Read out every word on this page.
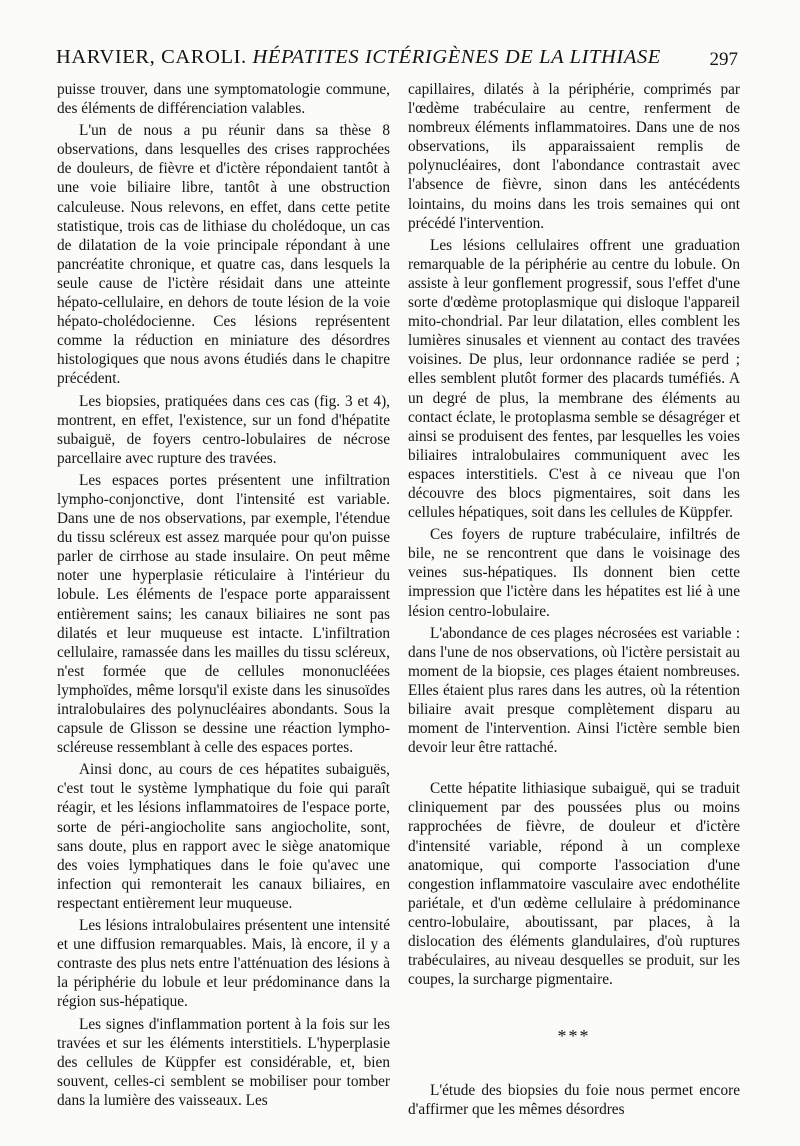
HARVIER, CAROLI. HÉPATITES ICTÉRIGÈNES DE LA LITHIASE	297

puisse trouver, dans une symptomatologie commune, des éléments de différenciation valables.

L'un de nous a pu réunir dans sa thèse 8 observations, dans lesquelles des crises rapprochées de douleurs, de fièvre et d'ictère répondaient tantôt à une voie biliaire libre, tantôt à une obstruction calculeuse. Nous relevons, en effet, dans cette petite statistique, trois cas de lithiase du cholédoque, un cas de dilatation de la voie principale répondant à une pancréatite chronique, et quatre cas, dans lesquels la seule cause de l'ictère résidait dans une atteinte hépato-cellulaire, en dehors de toute lésion de la voie hépato-cholédocienne. Ces lésions représentent comme la réduction en miniature des désordres histologiques que nous avons étudiés dans le chapitre précédent.

Les biopsies, pratiquées dans ces cas (fig. 3 et 4), montrent, en effet, l'existence, sur un fond d'hépatite subaiguë, de foyers centro-lobulaires de nécrose parcellaire avec rupture des travées.

Les espaces portes présentent une infiltration lympho-conjonctive, dont l'intensité est variable. Dans une de nos observations, par exemple, l'étendue du tissu scléreux est assez marquée pour qu'on puisse parler de cirrhose au stade insulaire. On peut même noter une hyperplasie réticulaire à l'intérieur du lobule. Les éléments de l'espace porte apparaissent entièrement sains; les canaux biliaires ne sont pas dilatés et leur muqueuse est intacte. L'infiltration cellulaire, ramassée dans les mailles du tissu scléreux, n'est formée que de cellules mononucléées lymphoïdes, même lorsqu'il existe dans les sinusoïdes intralobulaires des polynucléaires abondants. Sous la capsule de Glisson se dessine une réaction lympho-scléreuse ressemblant à celle des espaces portes.

Ainsi donc, au cours de ces hépatites subaiguës, c'est tout le système lymphatique du foie qui paraît réagir, et les lésions inflammatoires de l'espace porte, sorte de péri-angiocholite sans angiocholite, sont, sans doute, plus en rapport avec le siège anatomique des voies lymphatiques dans le foie qu'avec une infection qui remonterait les canaux biliaires, en respectant entièrement leur muqueuse.

Les lésions intralobulaires présentent une intensité et une diffusion remarquables. Mais, là encore, il y a contraste des plus nets entre l'atténuation des lésions à la périphérie du lobule et leur prédominance dans la région sus-hépatique.

Les signes d'inflammation portent à la fois sur les travées et sur les éléments interstitiels. L'hyperplasie des cellules de Küppfer est considérable, et, bien souvent, celles-ci semblent se mobiliser pour tomber dans la lumière des vaisseaux. Les

capillaires, dilatés à la périphérie, comprimés par l'œdème trabéculaire au centre, renferment de nombreux éléments inflammatoires. Dans une de nos observations, ils apparaissaient remplis de polynucléaires, dont l'abondance contrastait avec l'absence de fièvre, sinon dans les antécédents lointains, du moins dans les trois semaines qui ont précédé l'intervention.

Les lésions cellulaires offrent une graduation remarquable de la périphérie au centre du lobule. On assiste à leur gonflement progressif, sous l'effet d'une sorte d'œdème protoplasmique qui disloque l'appareil mito-chondrial. Par leur dilatation, elles comblent les lumières sinusales et viennent au contact des travées voisines. De plus, leur ordonnance radiée se perd ; elles semblent plutôt former des placards tuméfiés. A un degré de plus, la membrane des éléments au contact éclate, le protoplasma semble se désagréger et ainsi se produisent des fentes, par lesquelles les voies biliaires intralobulaires communiquent avec les espaces interstitiels. C'est à ce niveau que l'on découvre des blocs pigmentaires, soit dans les cellules hépatiques, soit dans les cellules de Küppfer.

Ces foyers de rupture trabéculaire, infiltrés de bile, ne se rencontrent que dans le voisinage des veines sus-hépatiques. Ils donnent bien cette impression que l'ictère dans les hépatites est lié à une lésion centro-lobulaire.

L'abondance de ces plages nécrosées est variable : dans l'une de nos observations, où l'ictère persistait au moment de la biopsie, ces plages étaient nombreuses. Elles étaient plus rares dans les autres, où la rétention biliaire avait presque complètement disparu au moment de l'intervention. Ainsi l'ictère semble bien devoir leur être rattaché.

Cette hépatite lithiasique subaiguë, qui se traduit cliniquement par des poussées plus ou moins rapprochées de fièvre, de douleur et d'ictère d'intensité variable, répond à un complexe anatomique, qui comporte l'association d'une congestion inflammatoire vasculaire avec endothélite pariétale, et d'un œdème cellulaire à prédominance centro-lobulaire, aboutissant, par places, à la dislocation des éléments glandulaires, d'où ruptures trabéculaires, au niveau desquelles se produit, sur les coupes, la surcharge pigmentaire.

***

L'étude des biopsies du foie nous permet encore d'affirmer que les mêmes désordres
